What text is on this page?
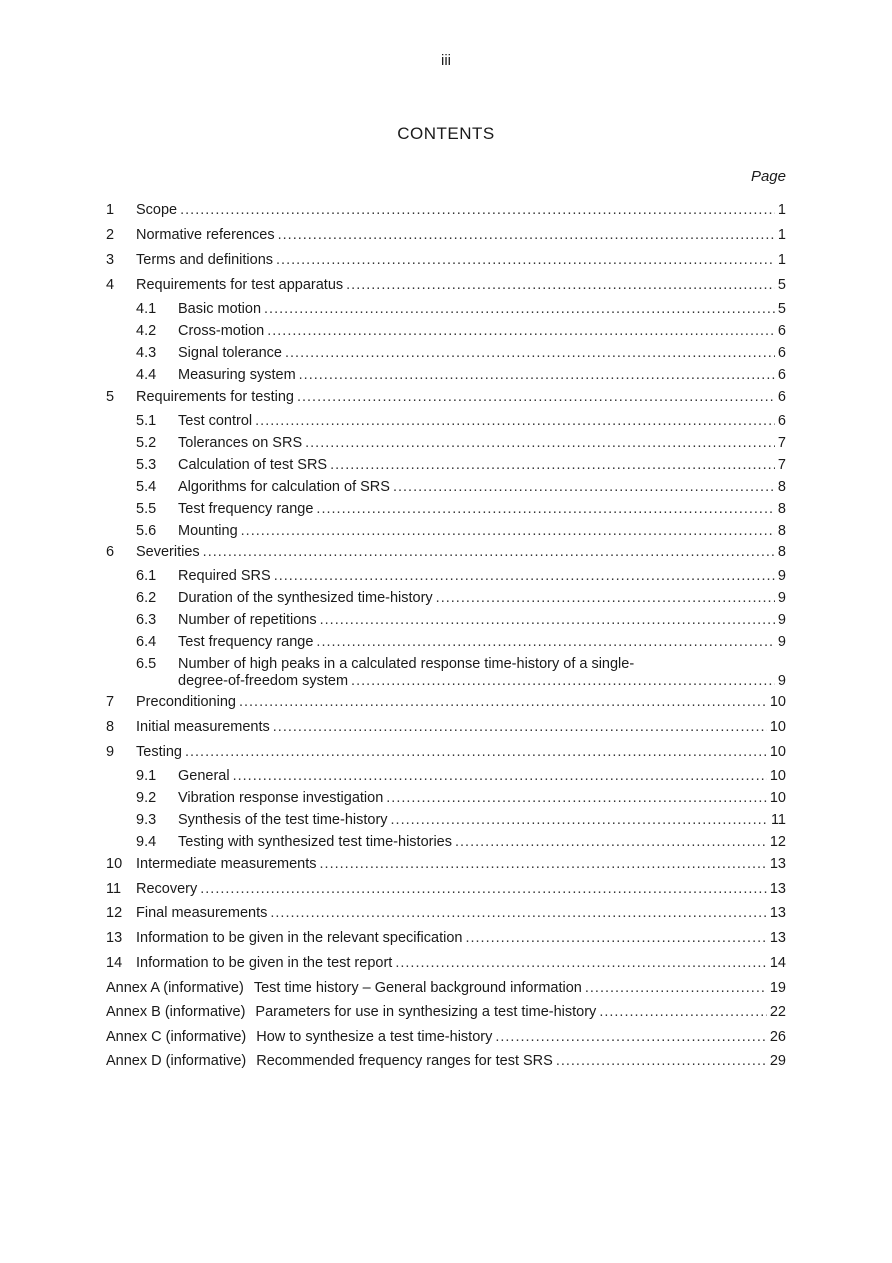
iii
CONTENTS
Page
1	Scope .....	1
2	Normative references .....	1
3	Terms and definitions .....	1
4	Requirements for test apparatus .....	5
4.1	Basic motion .....	5
4.2	Cross-motion .....	6
4.3	Signal tolerance .....	6
4.4	Measuring system .....	6
5	Requirements for testing .....	6
5.1	Test control .....	6
5.2	Tolerances on SRS .....	7
5.3	Calculation of test SRS .....	7
5.4	Algorithms for calculation of SRS .....	8
5.5	Test frequency range .....	8
5.6	Mounting .....	8
6	Severities .....	8
6.1	Required SRS .....	9
6.2	Duration of the synthesized time-history .....	9
6.3	Number of repetitions .....	9
6.4	Test frequency range .....	9
6.5 Number of high peaks in a calculated response time-history of a single-
degree-of-freedom system .....	9
7	Preconditioning .....	10
8	Initial measurements .....	10
9	Testing .....	10
9.1	General .....	10
9.2	Vibration response investigation .....	10
9.3	Synthesis of the test time-history .....	11
9.4	Testing with synthesized test time-histories .....	12
10 Intermediate measurements .....	13
11	Recovery .....	13
12 Final measurements .....	13
13 Information to be given in the relevant specification .....	13
14 Information to be given in the test report .....	14
Annex A (informative) Test time history – General background information .....	19
Annex B (informative) Parameters for use in synthesizing a test time-history .....	22
Annex C (informative) How to synthesize a test time-history .....	26
Annex D (informative) Recommended frequency ranges for test SRS .....	29
